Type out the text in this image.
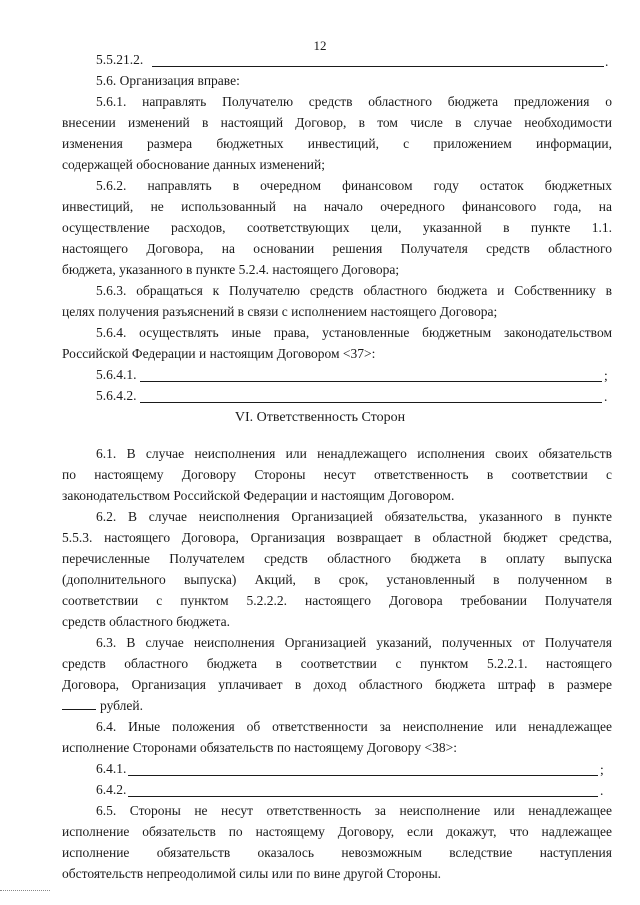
12
5.5.21.2.	.
5.6. Организация вправе:
5.6.1. направлять Получателю средств областного бюджета предложения о
внесении изменений в настоящий Договор, в том числе в случае необходимости
изменения размера бюджетных инвестиций, с приложением информации,
содержащей обоснование данных изменений;
5.6.2. направлять в очередном финансовом году остаток бюджетных
инвестиций, не использованный на начало очередного финансового года, на
осуществление расходов, соответствующих цели, указанной в пункте 1.1.
настоящего Договора, на основании решения Получателя средств областного
бюджета, указанного в пункте 5.2.4. настоящего Договора;
5.6.3. обращаться к Получателю средств областного бюджета и Собственнику в
целях получения разъяснений в связи с исполнением настоящего Договора;
5.6.4. осуществлять иные права, установленные бюджетным законодательством
Российской Федерации и настоящим Договором <37>:
5.6.4.1.	;
5.6.4.2.	.
VI. Ответственность Сторон
6.1. В случае неисполнения или ненадлежащего исполнения своих обязательств
по настоящему Договору Стороны несут ответственность в соответствии с
законодательством Российской Федерации и настоящим Договором.
6.2. В случае неисполнения Организацией обязательства, указанного в пункте
5.5.3. настоящего Договора, Организация возвращает в областной бюджет средства,
перечисленные Получателем средств областного бюджета в оплату выпуска
(дополнительного выпуска) Акций, в срок, установленный в полученном в
соответствии с пунктом 5.2.2.2. настоящего Договора требовании Получателя
средств областного бюджета.
6.3. В случае неисполнения Организацией указаний, полученных от Получателя
средств областного бюджета в соответствии с пунктом 5.2.2.1. настоящего
Договора, Организация уплачивает в доход областного бюджета штраф в размере
рублей.
6.4. Иные положения об ответственности за неисполнение или ненадлежащее
исполнение Сторонами обязательств по настоящему Договору <38>:
6.4.1.	;
6.4.2.	.
6.5. Стороны не несут ответственность за неисполнение или ненадлежащее
исполнение обязательств по настоящему Договору, если докажут, что надлежащее
исполнение обязательств оказалось невозможным вследствие наступления
обстоятельств непреодолимой силы или по вине другой Стороны.
